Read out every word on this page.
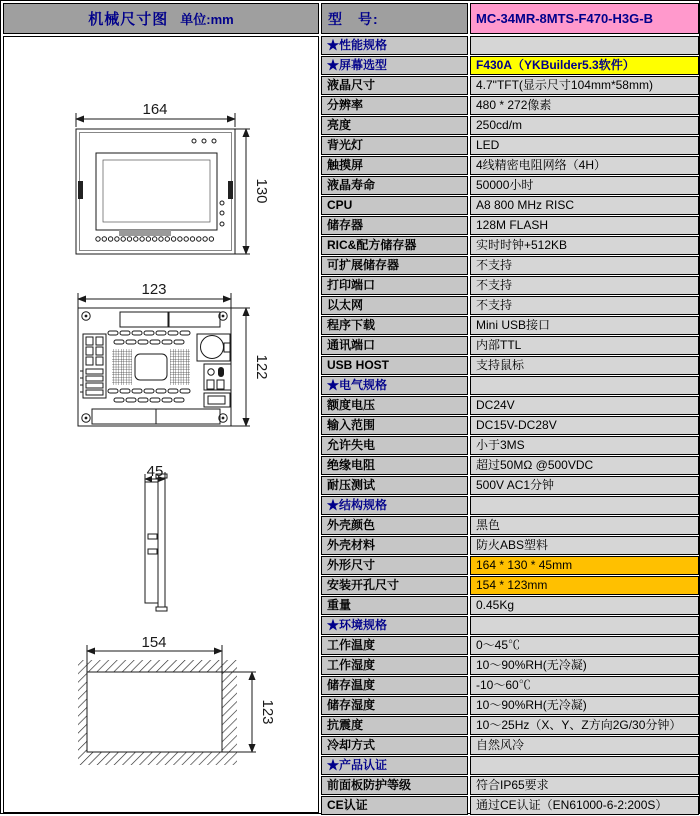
机械尺寸图 单位:mm	型　号:	MC-34MR-8MTS-F470-H3G-B
164
130
123
122
45
154
123
★性能规格
★屏幕选型	F430A（YKBuilder5.3软件）
液晶尺寸	4.7"TFT(显示尺寸104mm*58mm)
分辨率	480 * 272像素
亮度	250cd/m
背光灯	LED
触摸屏	4线精密电阻网络（4H）
液晶寿命	50000小时
CPU	A8 800 MHz RISC
储存器	128M FLASH
RIC&配方储存器	实时时钟+512KB
可扩展储存器	不支持
打印端口	不支持
以太网	不支持
程序下载	Mini USB接口
通讯端口	内部TTL
USB HOST	支持鼠标
★电气规格
额度电压	DC24V
输入范围	DC15V-DC28V
允许失电	小于3MS
绝缘电阻	超过50MΩ @500VDC
耐压测试	500V AC1分钟
★结构规格
外壳颜色	黑色
外壳材料	防火ABS塑料
外形尺寸	164 * 130 * 45mm
安装开孔尺寸	154 * 123mm
重量	0.45Kg
★环境规格
工作温度	0～45℃
工作湿度	10～90%RH(无冷凝)
储存温度	-10～60℃
储存湿度	10～90%RH(无冷凝)
抗震度	10～25Hz（X、Y、Z方向2G/30分钟）
冷却方式	自然风冷
★产品认证
前面板防护等级	符合IP65要求
CE认证	通过CE认证（EN61000-6-2:200S）
